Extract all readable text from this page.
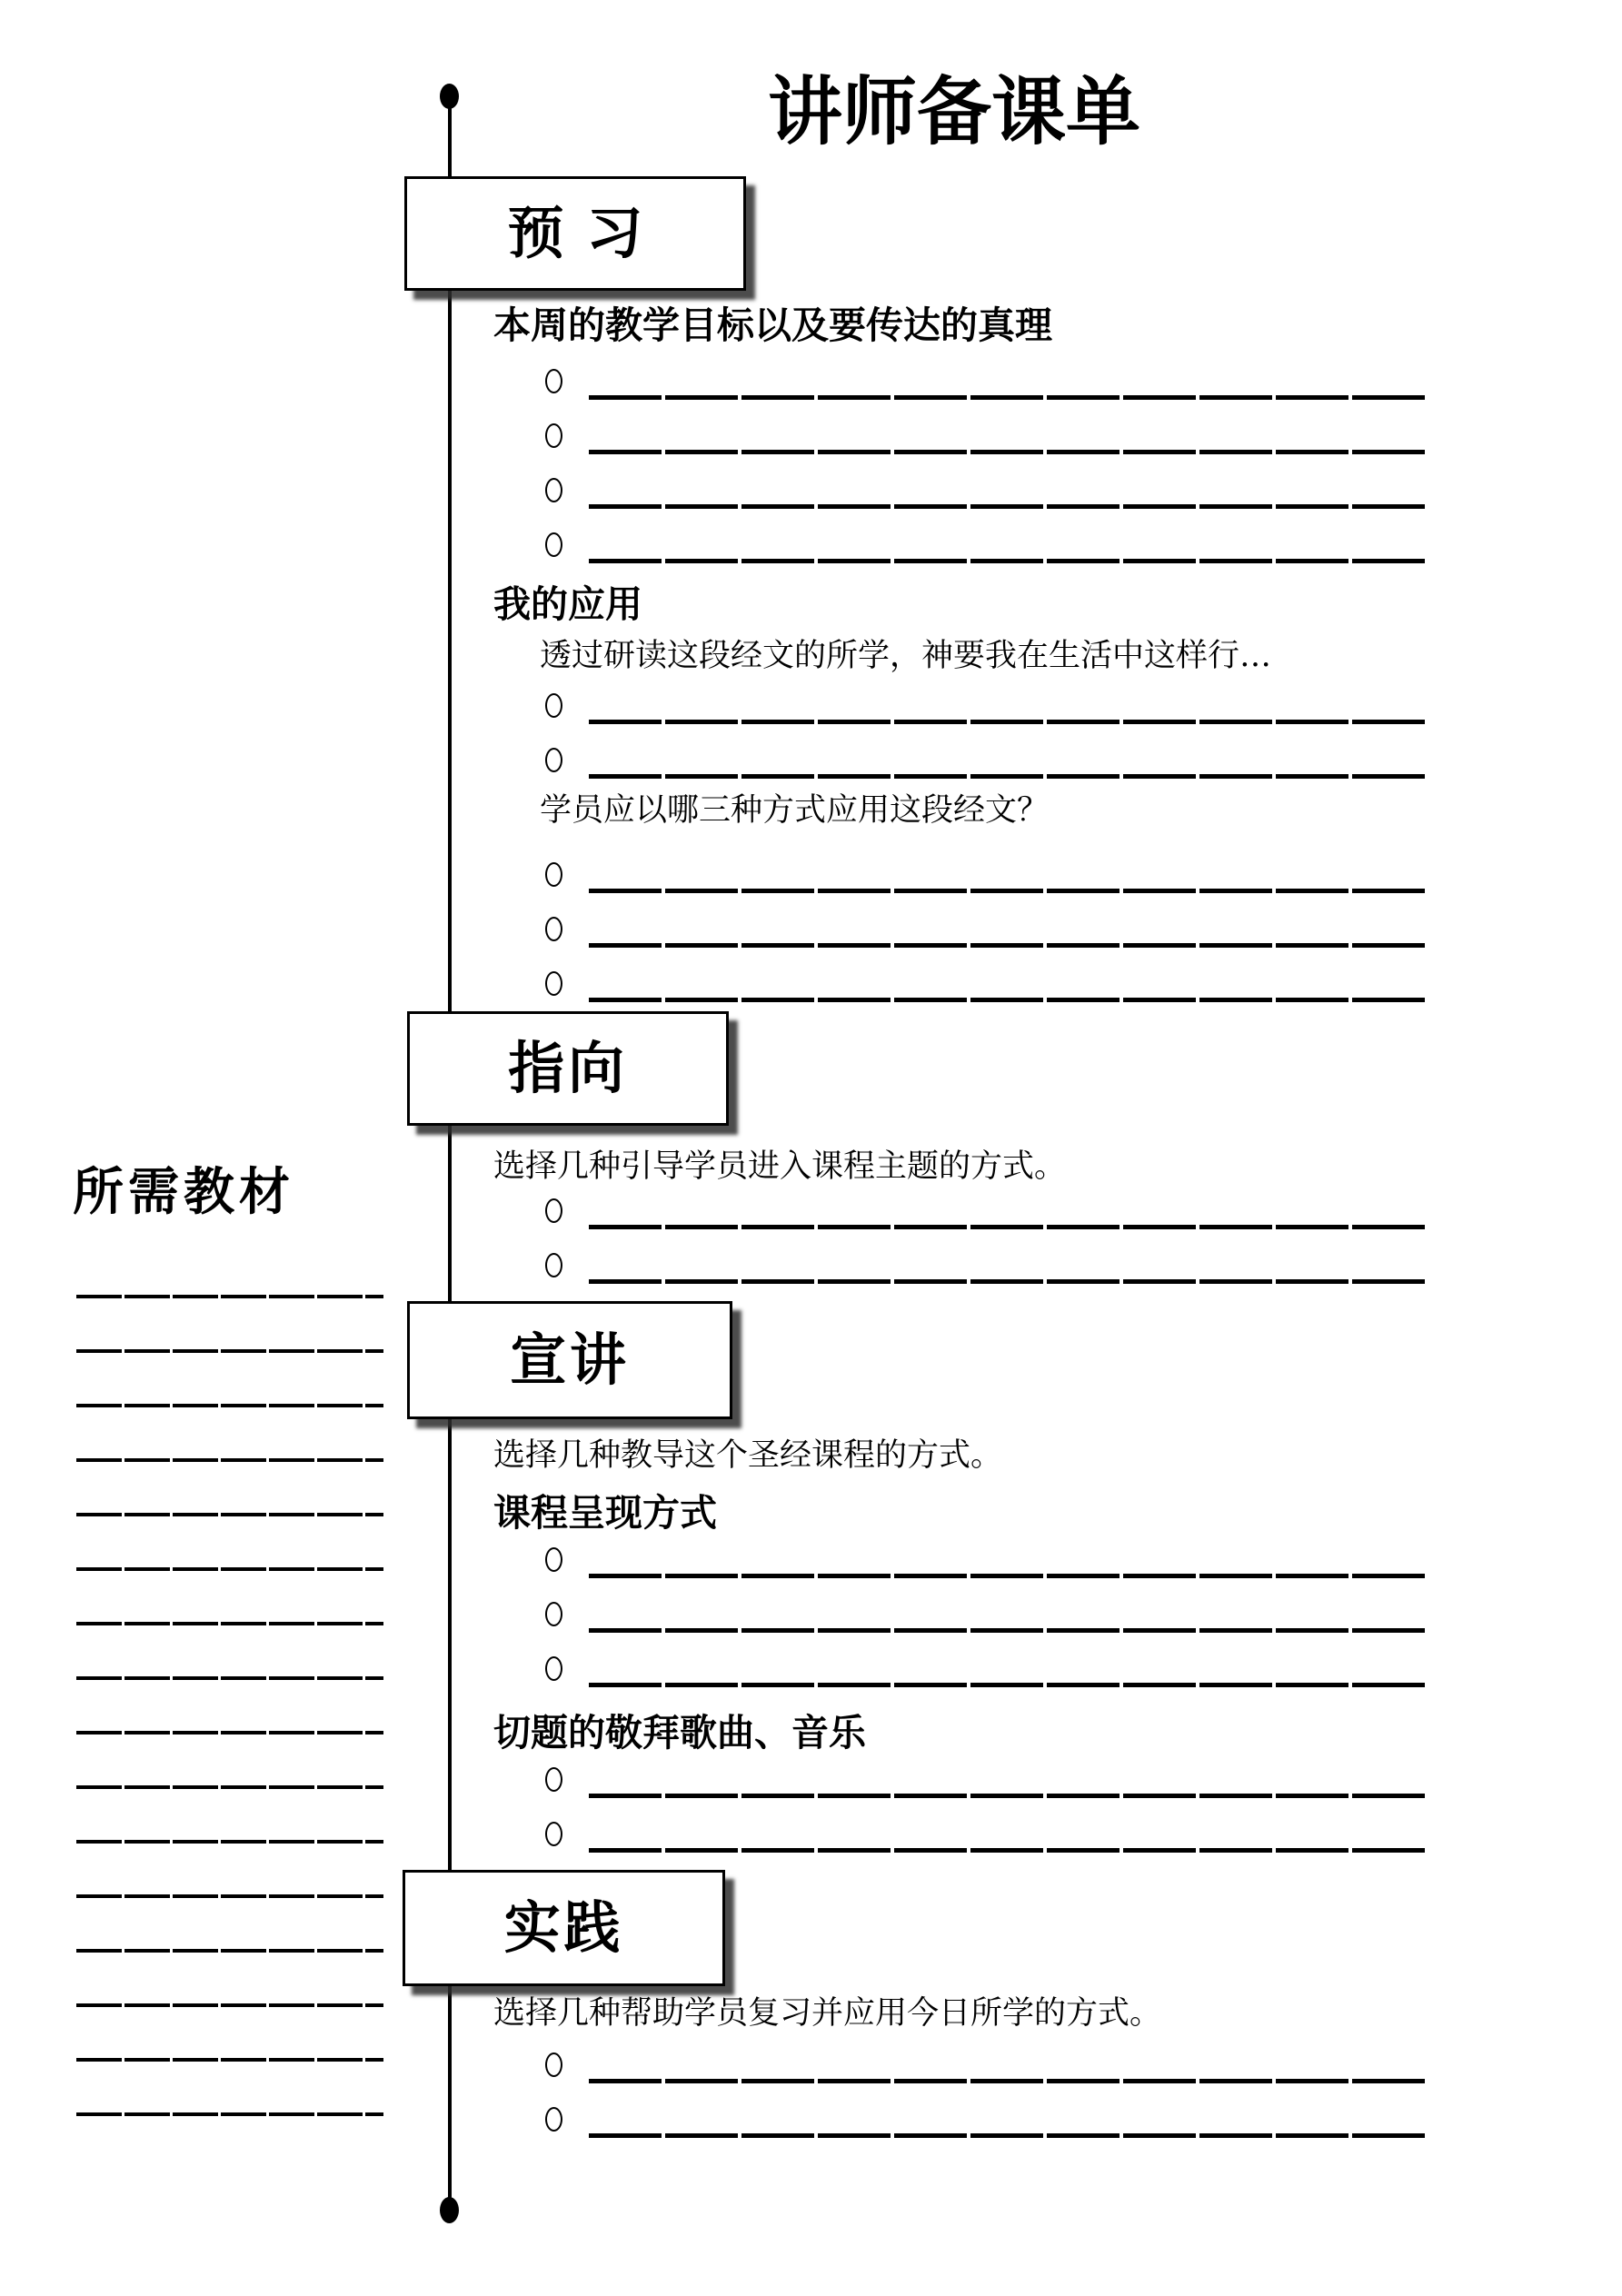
讲师备课单
预习
指向
宣讲
实践
本周的教学目标以及要传达的真理
我的应用
透过研读这段经文的所学，神要我在生活中这样行…
学员应以哪三种方式应用这段经文？
选择几种引导学员进入课程主题的方式。
选择几种教导这个圣经课程的方式。
课程呈现方式
切题的敬拜歌曲、音乐
选择几种帮助学员复习并应用今日所学的方式。
所需教材
